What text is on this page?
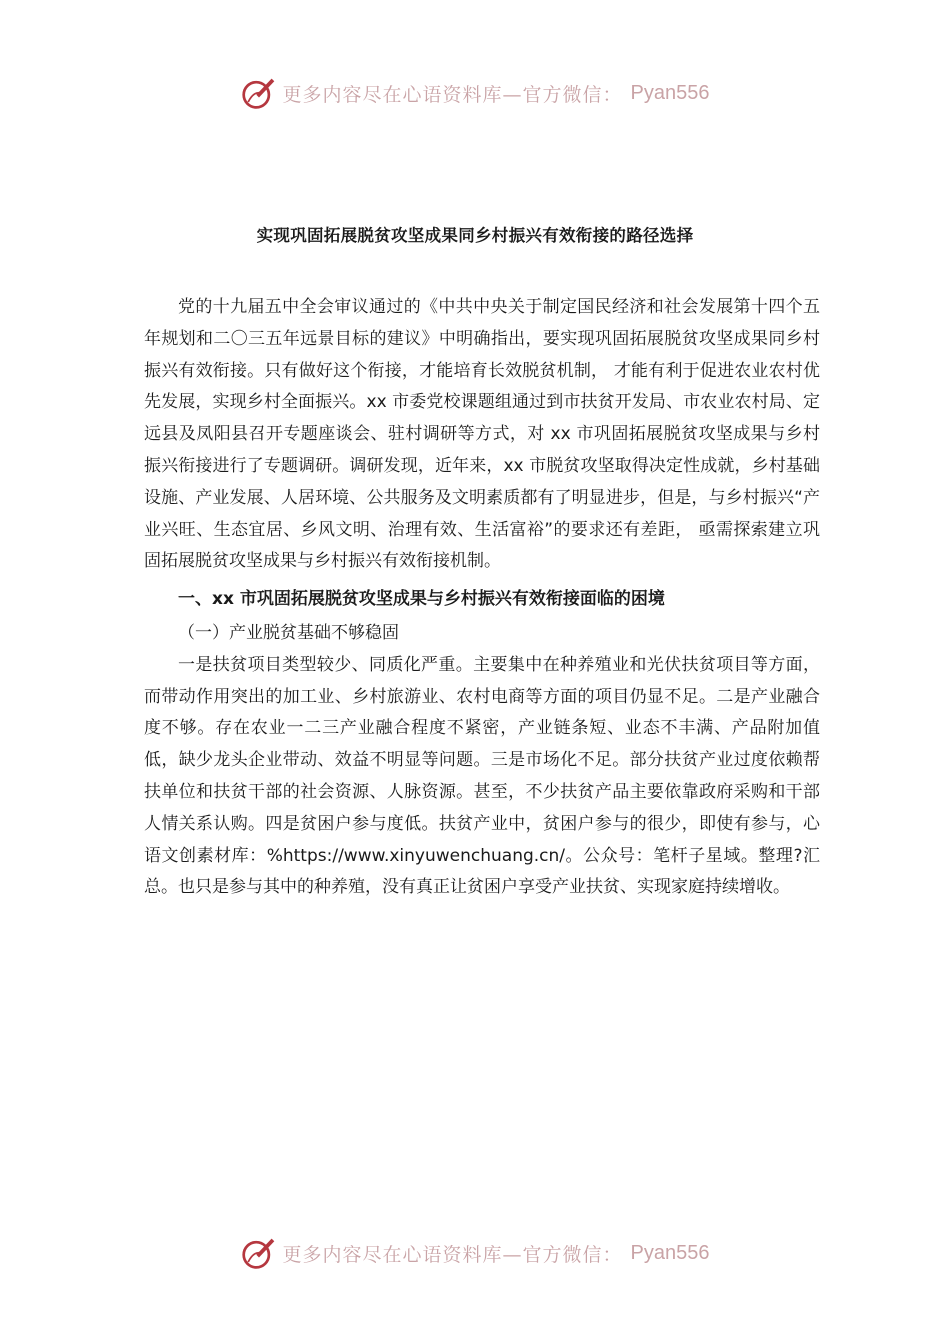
更多内容尽在心语资料库—官方微信： Pyan556
实现巩固拓展脱贫攻坚成果同乡村振兴有效衔接的路径选择

党的十九届五中全会审议通过的《中共中央关于制定国民经济和社会发展第十四个五年规划和二〇三五年远景目标的建议》中明确指出，要实现巩固拓展脱贫攻坚成果同乡村振兴有效衔接。只有做好这个衔接，才能培育长效脱贫机制， 才能有利于促进农业农村优先发展，实现乡村全面振兴。xx 市委党校课题组通过到市扶贫开发局、市农业农村局、定远县及凤阳县召开专题座谈会、驻村调研等方式，对 xx 市巩固拓展脱贫攻坚成果与乡村振兴衔接进行了专题调研。调研发现，近年来，xx 市脱贫攻坚取得决定性成就，乡村基础设施、产业发展、人居环境、公共服务及文明素质都有了明显进步，但是，与乡村振兴“产业兴旺、生态宜居、乡风文明、治理有效、生活富裕”的要求还有差距， 亟需探索建立巩固拓展脱贫攻坚成果与乡村振兴有效衔接机制。

一、xx 市巩固拓展脱贫攻坚成果与乡村振兴有效衔接面临的困境

（一）产业脱贫基础不够稳固

一是扶贫项目类型较少、同质化严重。主要集中在种养殖业和光伏扶贫项目等方面，而带动作用突出的加工业、乡村旅游业、农村电商等方面的项目仍显不足。二是产业融合度不够。存在农业一二三产业融合程度不紧密，产业链条短、业态不丰满、产品附加值低，缺少龙头企业带动、效益不明显等问题。三是市场化不足。部分扶贫产业过度依赖帮扶单位和扶贫干部的社会资源、人脉资源。甚至，不少扶贫产品主要依靠政府采购和干部人情关系认购。四是贫困户参与度低。扶贫产业中，贫困户参与的很少，即使有参与，心语文创素材库：%https://www.xinyuwenchuang.cn/。公众号：笔杆子星域。整理?汇总。也只是参与其中的种养殖，没有真正让贫困户享受产业扶贫、实现家庭持续增收。

更多内容尽在心语资料库—官方微信： Pyan556
